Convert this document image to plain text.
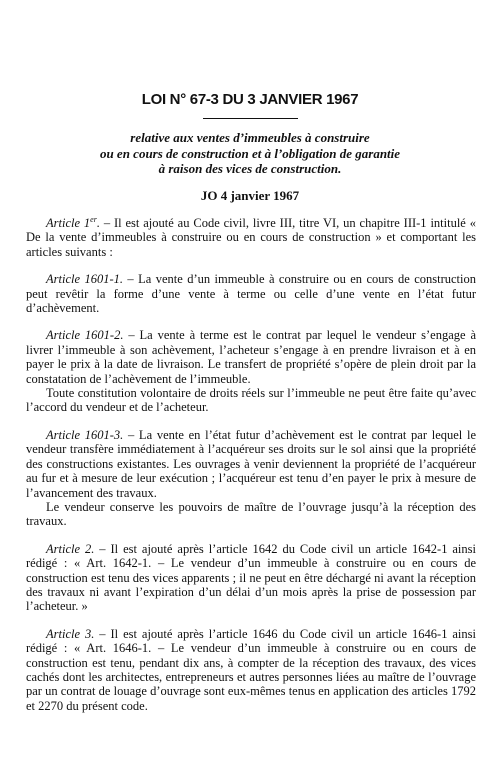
LOI N° 67-3 DU 3 JANVIER 1967
relative aux ventes d’immeubles à construire
ou en cours de construction et à l’obligation de garantie
à raison des vices de construction.
JO 4 janvier 1967

Article 1er. – Il est ajouté au Code civil, livre III, titre VI, un chapitre III-1 intitulé « De la vente d’immeubles à construire ou en cours de construction » et comportant les articles suivants :

Article 1601-1. – La vente d’un immeuble à construire ou en cours de construction peut revêtir la forme d’une vente à terme ou celle d’une vente en l’état futur d’achèvement.

Article 1601-2. – La vente à terme est le contrat par lequel le vendeur s’engage à livrer l’immeuble à son achèvement, l’acheteur s’engage à en prendre livraison et à en payer le prix à la date de livraison. Le transfert de propriété s’opère de plein droit par la constatation de l’achèvement de l’immeuble.

Toute constitution volontaire de droits réels sur l’immeuble ne peut être faite qu’avec l’accord du vendeur et de l’acheteur.

Article 1601-3. – La vente en l’état futur d’achèvement est le contrat par lequel le vendeur transfère immédiatement à l’acquéreur ses droits sur le sol ainsi que la propriété des constructions existantes. Les ouvrages à venir deviennent la propriété de l’acquéreur au fur et à mesure de leur exécution ; l’acquéreur est tenu d’en payer le prix à mesure de l’avancement des travaux.

Le vendeur conserve les pouvoirs de maître de l’ouvrage jusqu’à la réception des travaux.

Article 2. – Il est ajouté après l’article 1642 du Code civil un article 1642-1 ainsi rédigé : « Art. 1642-1. – Le vendeur d’un immeuble à construire ou en cours de construction est tenu des vices apparents ; il ne peut en être déchargé ni avant la réception des travaux ni avant l’expiration d’un délai d’un mois après la prise de possession par l’acheteur. »

Article 3. – Il est ajouté après l’article 1646 du Code civil un article 1646-1 ainsi rédigé : « Art. 1646-1. – Le vendeur d’un immeuble à construire ou en cours de construction est tenu, pendant dix ans, à compter de la réception des travaux, des vices cachés dont les architectes, entrepreneurs et autres personnes liées au maître de l’ouvrage par un contrat de louage d’ouvrage sont eux-mêmes tenus en application des articles 1792 et 2270 du présent code.
